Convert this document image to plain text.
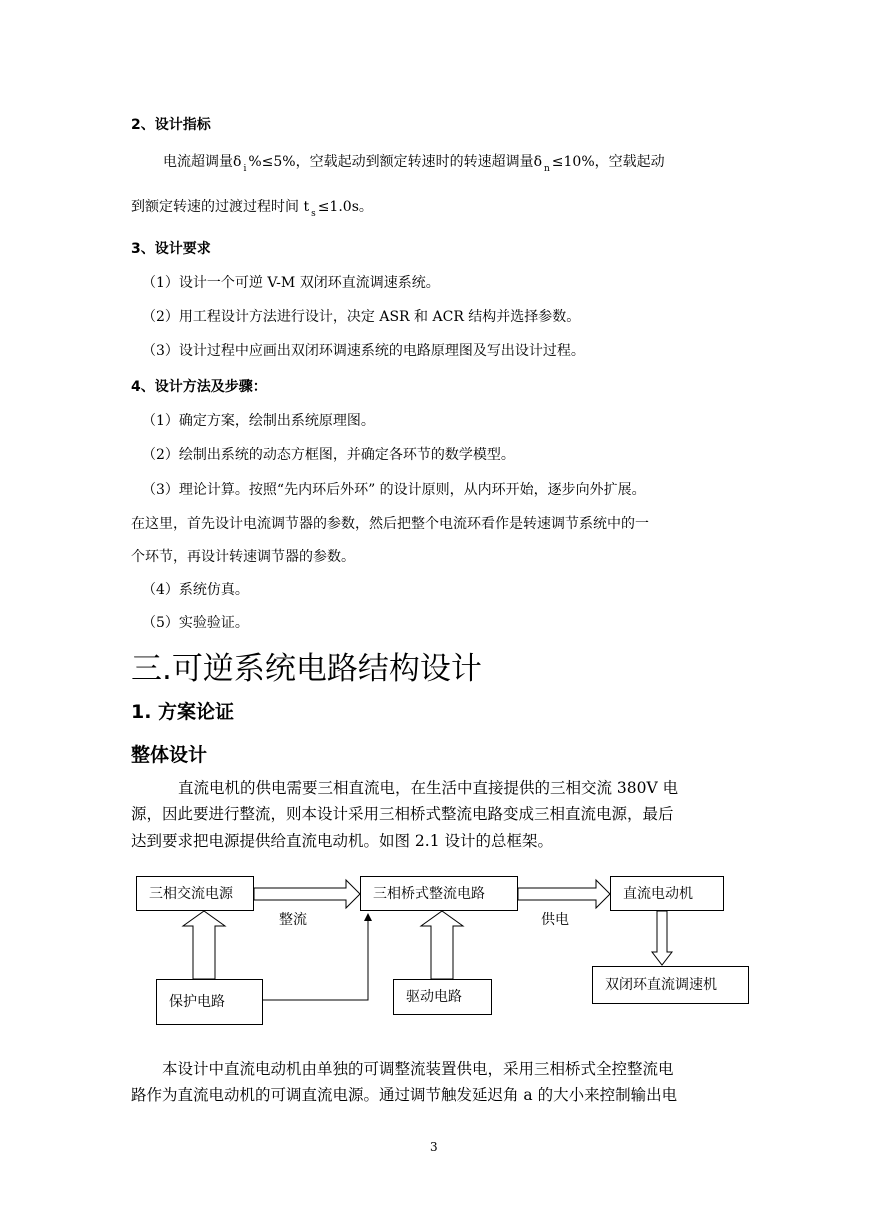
2、设计指标
电流超调量δ $_i$ %≤5%，空载起动到额定转速时的转速超调量δ $_n$ ≤10%，空载起动
到额定转速的过渡过程时间 t $_s$ ≤1.0s。
3、设计要求
（1）设计一个可逆 V-M 双闭环直流调速系统。
（2）用工程设计方法进行设计，决定 ASR 和 ACR 结构并选择参数。
（3）设计过程中应画出双闭环调速系统的电路原理图及写出设计过程。
4、设计方法及步骤：
（1）确定方案，绘制出系统原理图。
（2）绘制出系统的动态方框图，并确定各环节的数学模型。
（3）理论计算。按照“先内环后外环” 的设计原则，从内环开始，逐步向外扩展。
在这里，首先设计电流调节器的参数，然后把整个电流环看作是转速调节系统中的一
个环节，再设计转速调节器的参数。
（4）系统仿真。
（5）实验验证。
三.可逆系统电路结构设计
1. 方案论证
整体设计
直流电机的供电需要三相直流电，在生活中直接提供的三相交流 380V 电
源，因此要进行整流，则本设计采用三相桥式整流电路变成三相直流电源，最后
达到要求把电源提供给直流电动机。如图 2.1 设计的总框架。
三相交流电源	三相桥式整流电路	直流电动机
保护电路	驱动电路
双闭环直流调速机
整流	供电
本设计中直流电动机由单独的可调整流装置供电，采用三相桥式全控整流电
路作为直流电动机的可调直流电源。通过调节触发延迟角 a 的大小来控制输出电
3
